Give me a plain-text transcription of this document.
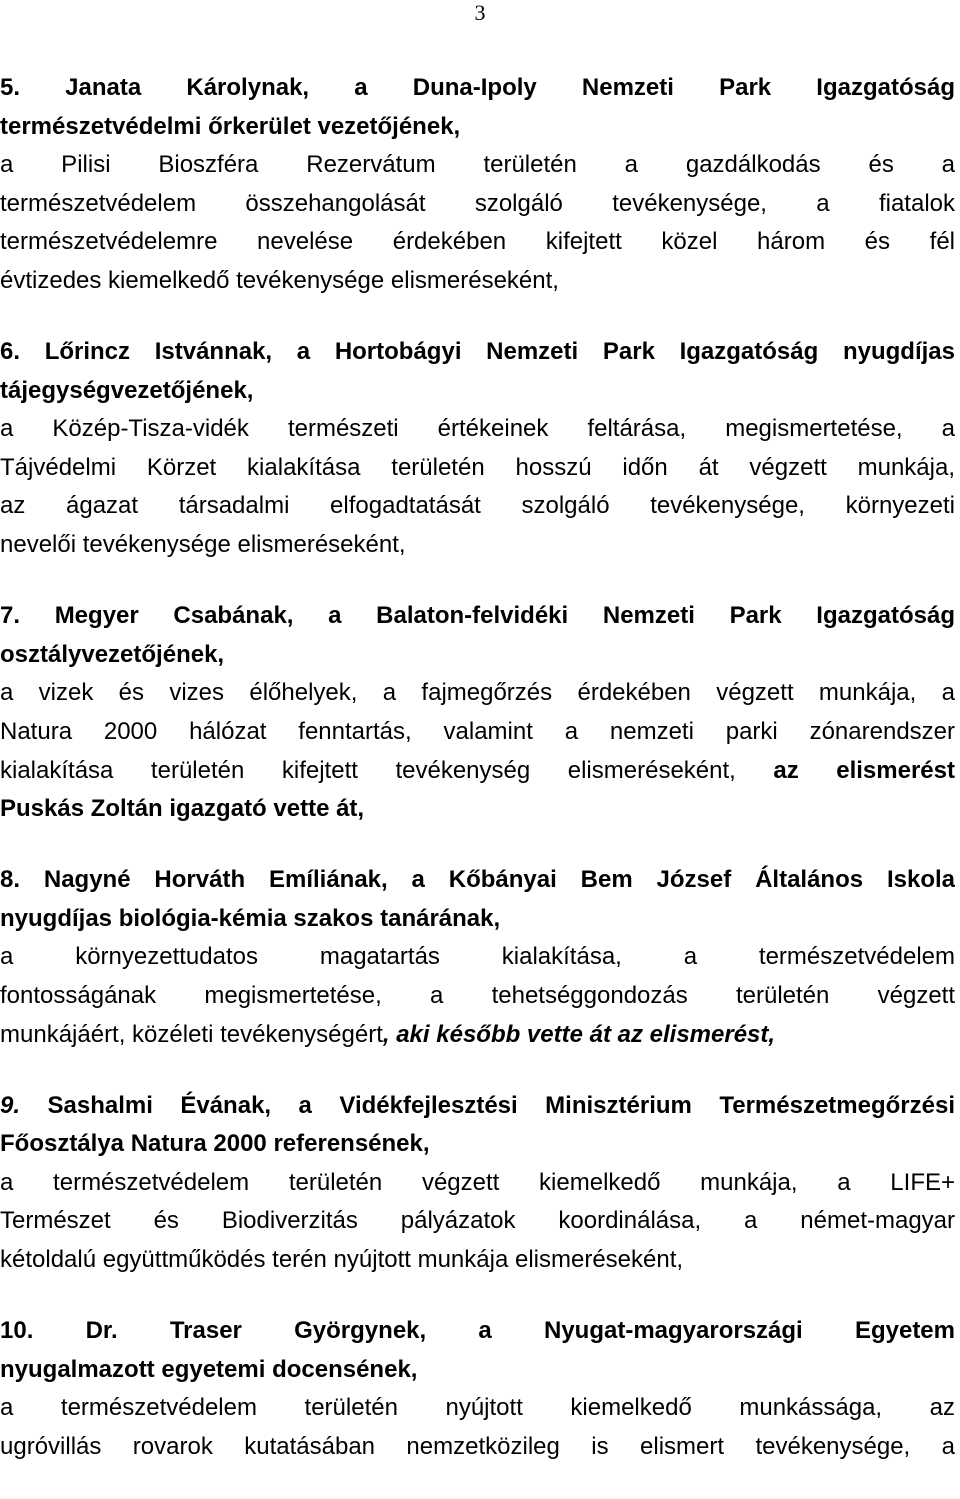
3
5. Janata Károlynak, a Duna-Ipoly Nemzeti Park Igazgatóság
természetvédelmi őrkerület vezetőjének,
a Pilisi Bioszféra Rezervátum területén a gazdálkodás és a
természetvédelem összehangolását szolgáló tevékenysége, a fiatalok
természetvédelemre nevelése érdekében kifejtett közel három és fél
évtizedes kiemelkedő tevékenysége elismeréseként,
6. Lőrincz Istvánnak, a Hortobágyi Nemzeti Park Igazgatóság nyugdíjas
tájegységvezetőjének,
a Közép-Tisza-vidék természeti értékeinek feltárása, megismertetése, a
Tájvédelmi Körzet kialakítása területén hosszú időn át végzett munkája,
az ágazat társadalmi elfogadtatását szolgáló tevékenysége, környezeti
nevelői tevékenysége elismeréseként,
7. Megyer Csabának, a Balaton-felvidéki Nemzeti Park Igazgatóság
osztályvezetőjének,
a vizek és vizes élőhelyek, a fajmegőrzés érdekében végzett munkája, a
Natura 2000 hálózat fenntartás, valamint a nemzeti parki zónarendszer
kialakítása területén kifejtett tevékenység elismeréseként, az elismerést
Puskás Zoltán igazgató vette át,
8. Nagyné Horváth Emíliának, a Kőbányai Bem József Általános Iskola
nyugdíjas biológia-kémia szakos tanárának,
a környezettudatos magatartás kialakítása, a természetvédelem
fontosságának megismertetése, a tehetséggondozás területén végzett
munkájáért, közéleti tevékenységért, aki később vette át az elismerést,
9. Sashalmi Évának, a Vidékfejlesztési Minisztérium Természetmegőrzési
Főosztálya Natura 2000 referensének,
a természetvédelem területén végzett kiemelkedő munkája, a LIFE+
Természet és Biodiverzitás pályázatok koordinálása, a német-magyar
kétoldalú együttműködés terén nyújtott munkája elismeréseként,
10. Dr. Traser Györgynek, a Nyugat-magyarországi Egyetem
nyugalmazott egyetemi docensének,
a természetvédelem területén nyújtott kiemelkedő munkássága, az
ugróvillás rovarok kutatásában nemzetközileg is elismert tevékenysége, a
